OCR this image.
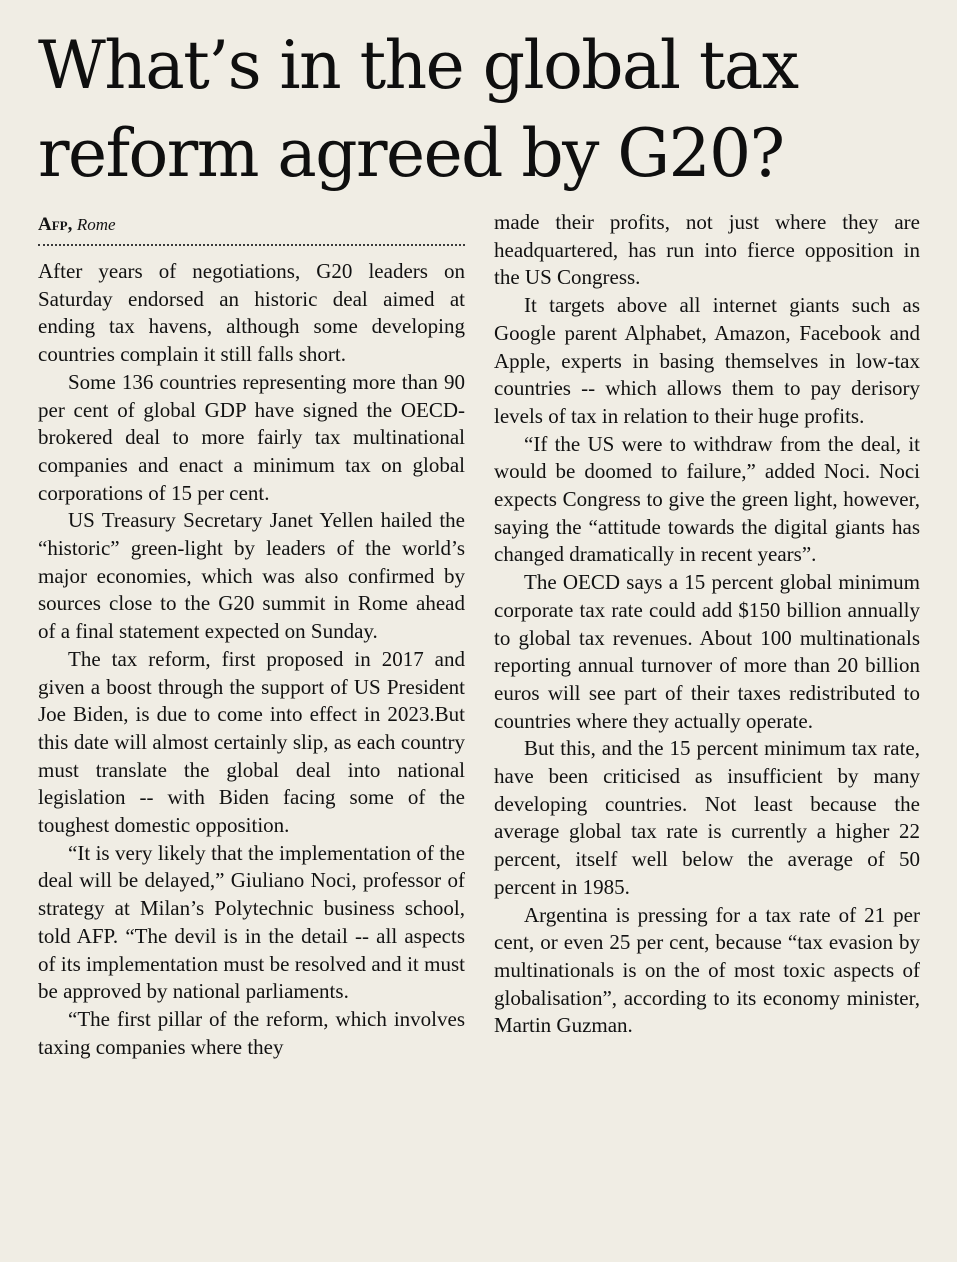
What’s in the global tax reform agreed by G20?
Afp, Rome

After years of negotiations, G20 leaders on Saturday endorsed an historic deal aimed at ending tax havens, although some developing countries complain it still falls short.

Some 136 countries representing more than 90 per cent of global GDP have signed the OECD-brokered deal to more fairly tax multinational companies and enact a minimum tax on global corporations of 15 per cent.

US Treasury Secretary Janet Yellen hailed the “historic” green-light by leaders of the world’s major economies, which was also confirmed by sources close to the G20 summit in Rome ahead of a final statement expected on Sunday.

The tax reform, first proposed in 2017 and given a boost through the support of US President Joe Biden, is due to come into effect in 2023.But this date will almost certainly slip, as each country must translate the global deal into national legislation -- with Biden facing some of the toughest domestic opposition.

“It is very likely that the implementation of the deal will be delayed,” Giuliano Noci, professor of strategy at Milan’s Polytechnic business school, told AFP. “The devil is in the detail -- all aspects of its implementation must be resolved and it must be approved by national parliaments.

“The first pillar of the reform, which involves taxing companies where they

made their profits, not just where they are headquartered, has run into fierce opposition in the US Congress.

It targets above all internet giants such as Google parent Alphabet, Amazon, Facebook and Apple, experts in basing themselves in low-tax countries -- which allows them to pay derisory levels of tax in relation to their huge profits.

“If the US were to withdraw from the deal, it would be doomed to failure,” added Noci. Noci expects Congress to give the green light, however, saying the “attitude towards the digital giants has changed dramatically in recent years”.

The OECD says a 15 percent global minimum corporate tax rate could add $150 billion annually to global tax revenues. About 100 multinationals reporting annual turnover of more than 20 billion euros will see part of their taxes redistributed to countries where they actually operate.

But this, and the 15 percent minimum tax rate, have been criticised as insufficient by many developing countries. Not least because the average global tax rate is currently a higher 22 percent, itself well below the average of 50 percent in 1985.

Argentina is pressing for a tax rate of 21 per cent, or even 25 per cent, because “tax evasion by multinationals is on the of most toxic aspects of globalisation”, according to its economy minister, Martin Guzman.
